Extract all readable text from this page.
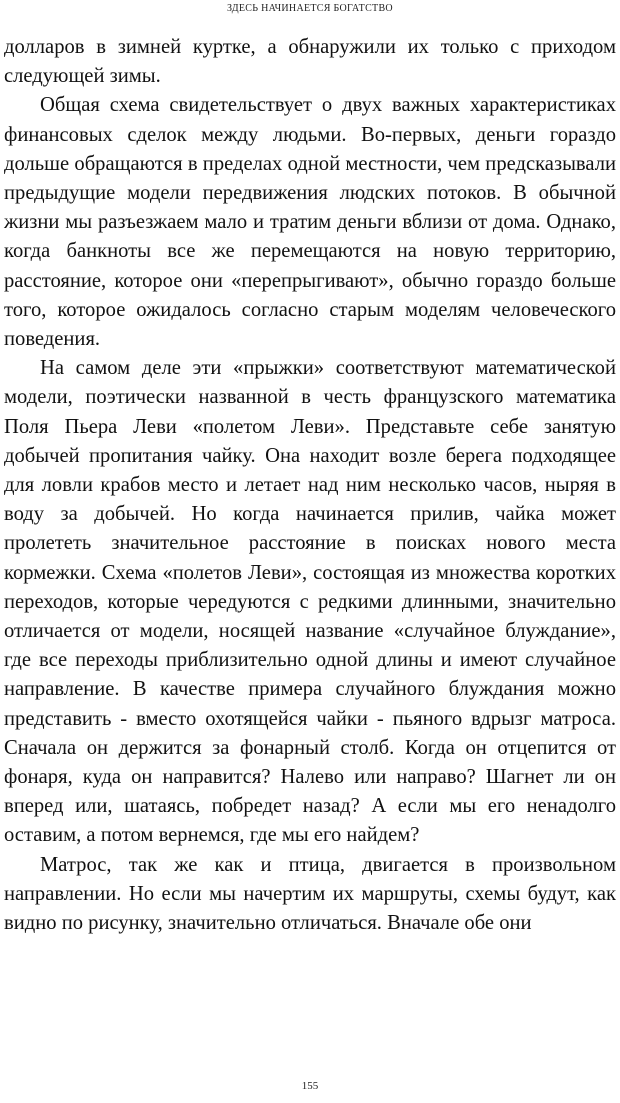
ЗДЕСЬ НАЧИНАЕТСЯ БОГАТСТВО

долларов в зимней куртке, а обнаружили их только с приходом следующей зимы.

Общая схема свидетельствует о двух важных характеристиках финансовых сделок между людьми. Во-первых, деньги гораздо дольше обращаются в пределах одной местности, чем предсказывали предыдущие модели передвижения людских потоков. В обычной жизни мы разъезжаем мало и тратим деньги вблизи от дома. Однако, когда банкноты все же перемещаются на новую территорию, расстояние, которое они «перепрыгивают», обычно гораздо больше того, которое ожидалось согласно старым моделям человеческого поведения.

На самом деле эти «прыжки» соответствуют математической модели, поэтически названной в честь французского математика Поля Пьера Леви «полетом Леви». Представьте себе занятую добычей пропитания чайку. Она находит возле берега подходящее для ловли крабов место и летает над ним несколько часов, ныряя в воду за добычей. Но когда начинается прилив, чайка может пролететь значительное расстояние в поисках нового места кормежки. Схема «полетов Леви», состоящая из множества коротких переходов, которые чередуются с редкими длинными, значительно отличается от модели, носящей название «случайное блуждание», где все переходы приблизительно одной длины и имеют случайное направление. В качестве примера случайного блуждания можно представить - вместо охотящейся чайки - пьяного вдрызг матроса. Сначала он держится за фонарный столб. Когда он отцепится от фонаря, куда он направится? Налево или направо? Шагнет ли он вперед или, шатаясь, побредет назад? А если мы его ненадолго оставим, а потом вернемся, где мы его найдем?

Матрос, так же как и птица, двигается в произвольном направлении. Но если мы начертим их маршруты, схемы будут, как видно по рисунку, значительно отличаться. Вначале обе они

155
